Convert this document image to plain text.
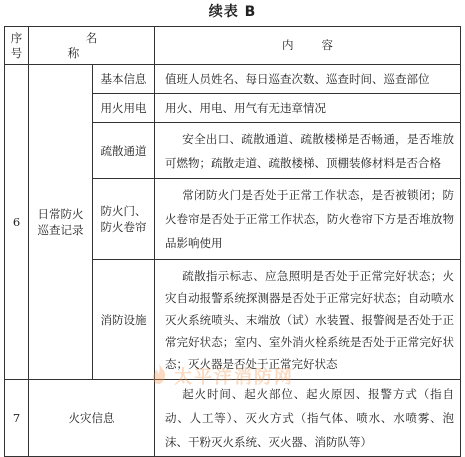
续表 B
序号	名称		内容
6	日常防火巡查记录	基本信息	值班人员姓名、每日巡查次数、巡查时间、巡查部位
		用火用电	用火、用电、用气有无违章情况
		疏散通道	安全出口、疏散通道、疏散楼梯是否畅通，是否堆放可燃物；疏散走道、疏散楼梯、顶棚装修材料是否合格
		防火门、防火卷帘	常闭防火门是否处于正常工作状态，是否被锁闭；防火卷帘是否处于正常工作状态，防火卷帘下方是否堆放物品影响使用
		消防设施	疏散指示标志、应急照明是否处于正常完好状态；火灾自动报警系统探测器是否处于正常完好状态；自动喷水灭火系统喷头、末端放（试）水装置、报警阀是否处于正常完好状态；室内、室外消火栓系统是否处于正常完好状态；灭火器是否处于正常完好状态
7	火灾信息		起火时间、起火部位、起火原因、报警方式（指自动、人工等）、灭火方式（指气体、喷水、水喷雾、泡沫、干粉灭火系统、灭火器、消防队等）
太平洋消防网
